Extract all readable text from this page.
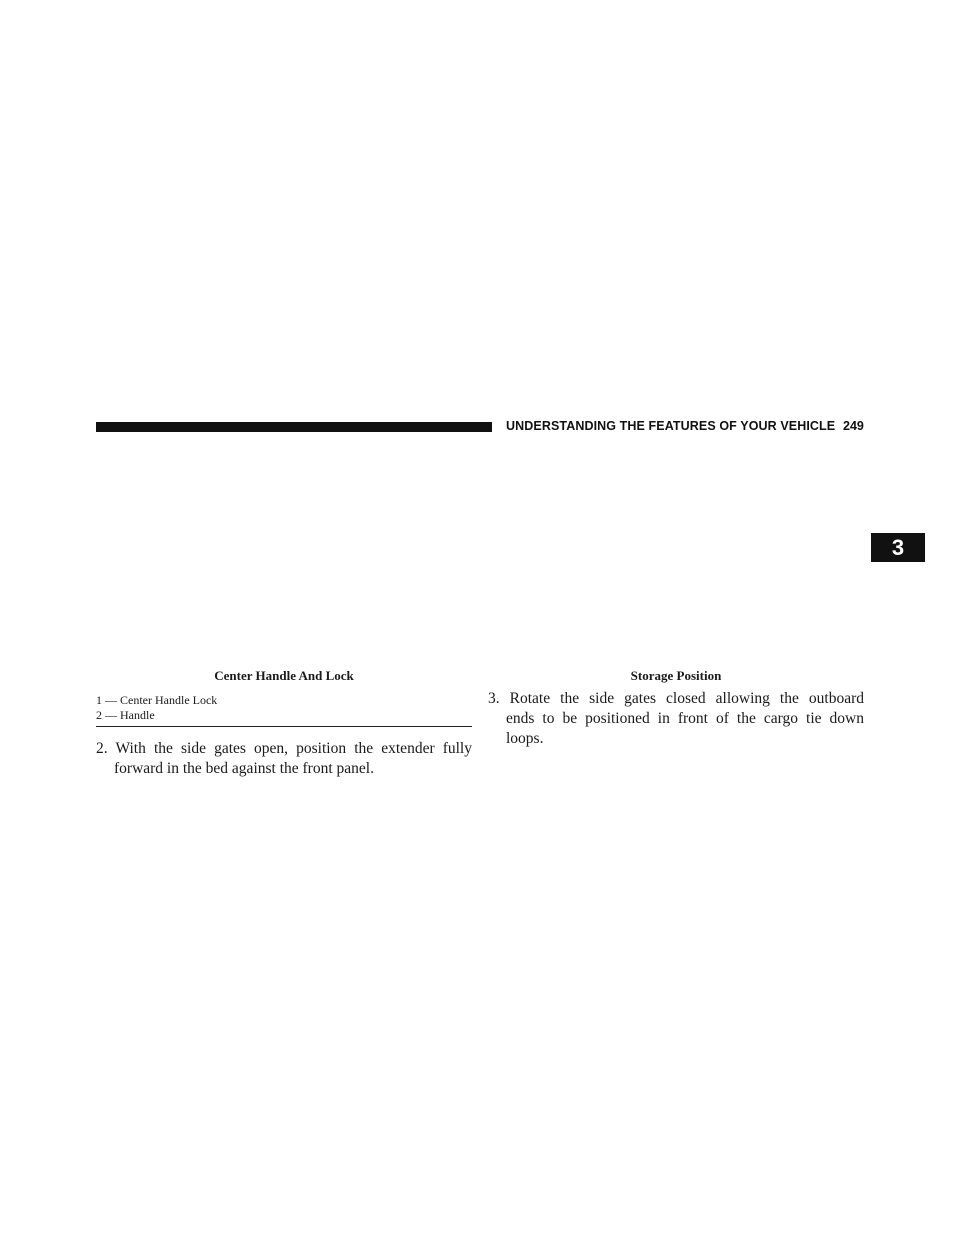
UNDERSTANDING THE FEATURES OF YOUR VEHICLE 249
3
Center Handle And Lock	Storage Position
1 — Center Handle Lock
2 — Handle
2. With the side gates open, position the extender fully
forward in the bed against the front panel.
3. Rotate the side gates closed allowing the outboard
ends to be positioned in front of the cargo tie down
loops.
